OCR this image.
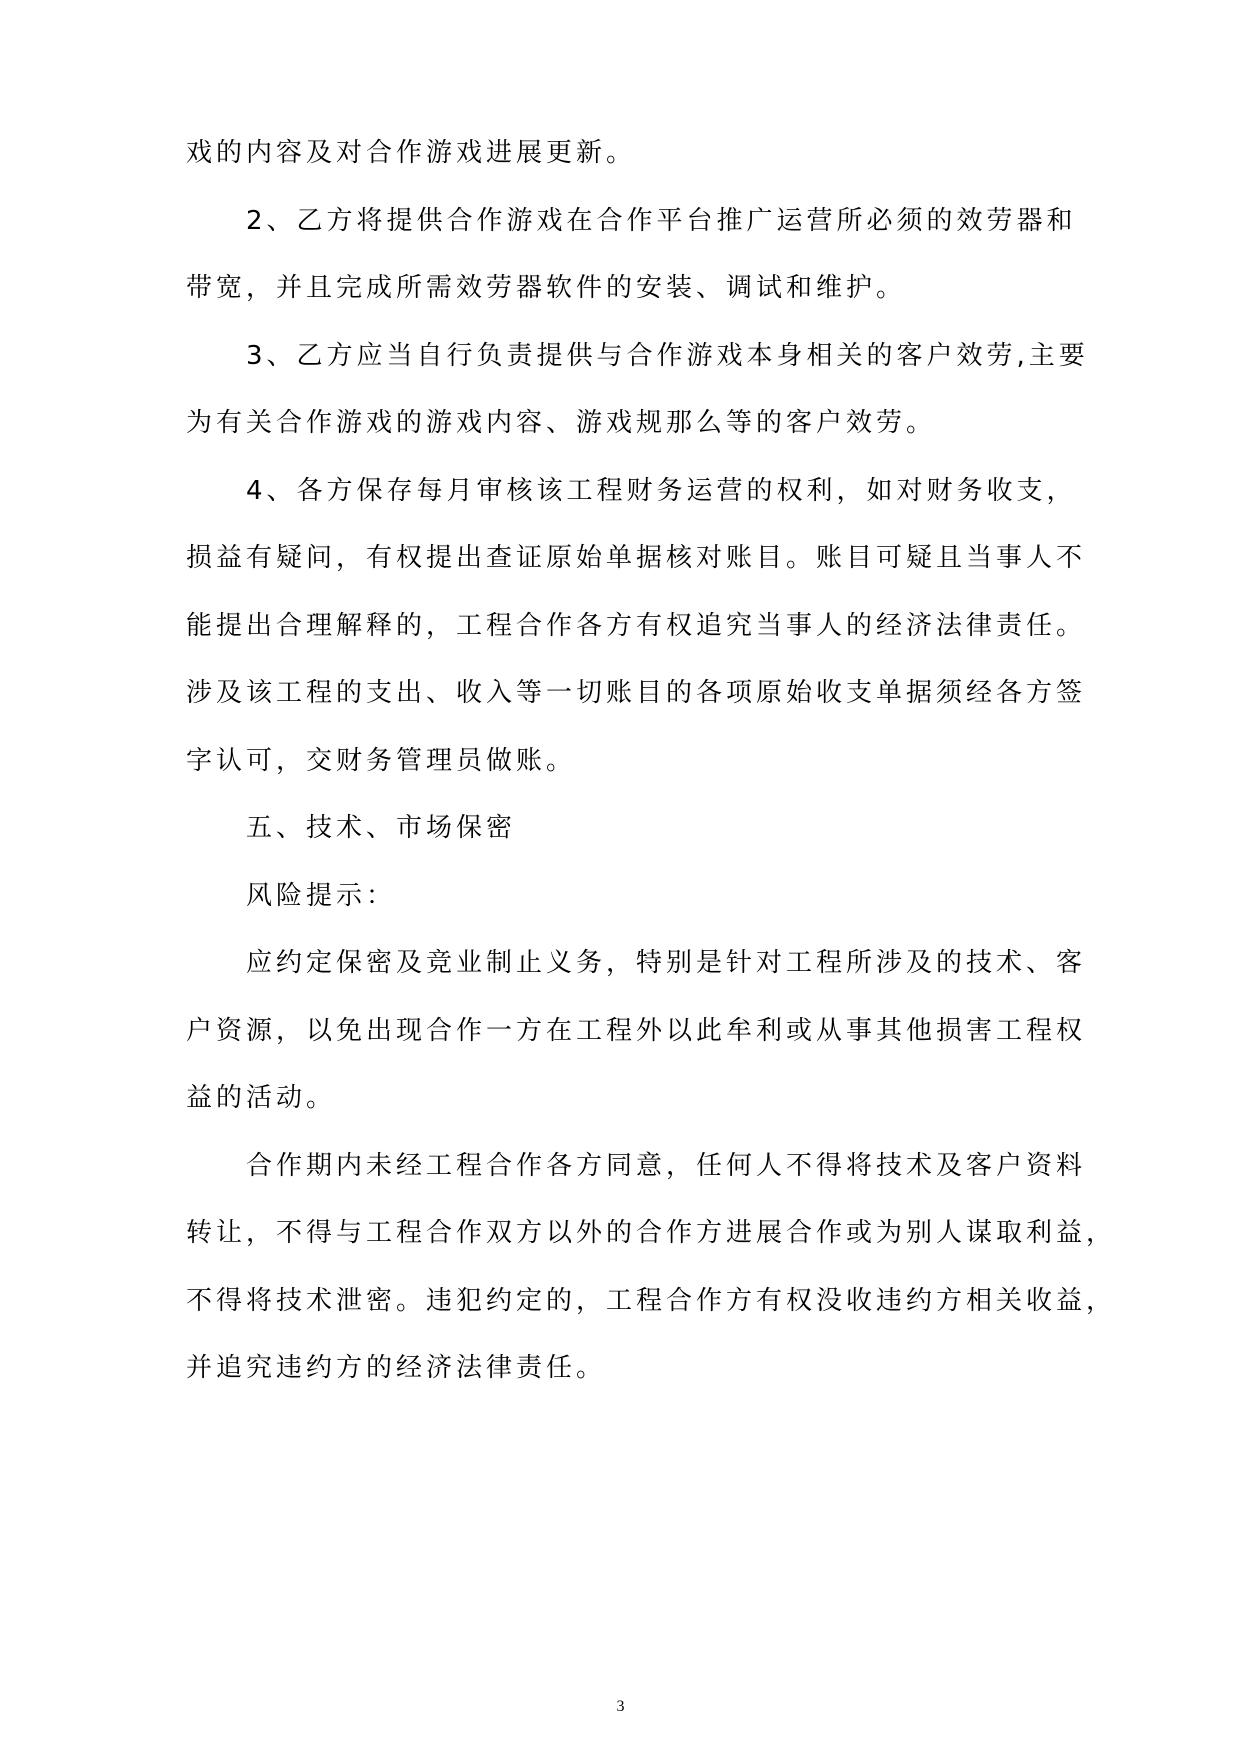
戏的内容及对合作游戏进展更新。
2、乙方将提供合作游戏在合作平台推广运营所必须的效劳器和
带宽，并且完成所需效劳器软件的安装、调试和维护。
3、乙方应当自行负责提供与合作游戏本身相关的客户效劳,主要
为有关合作游戏的游戏内容、游戏规那么等的客户效劳。
4、各方保存每月审核该工程财务运营的权利，如对财务收支，
损益有疑问，有权提出查证原始单据核对账目。账目可疑且当事人不
能提出合理解释的，工程合作各方有权追究当事人的经济法律责任。
涉及该工程的支出、收入等一切账目的各项原始收支单据须经各方签
字认可，交财务管理员做账。
五、技术、市场保密
风险提示：
应约定保密及竞业制止义务，特别是针对工程所涉及的技术、客
户资源，以免出现合作一方在工程外以此牟利或从事其他损害工程权
益的活动。
合作期内未经工程合作各方同意，任何人不得将技术及客户资料
转让，不得与工程合作双方以外的合作方进展合作或为别人谋取利益，
不得将技术泄密。违犯约定的，工程合作方有权没收违约方相关收益，
并追究违约方的经济法律责任。
3
